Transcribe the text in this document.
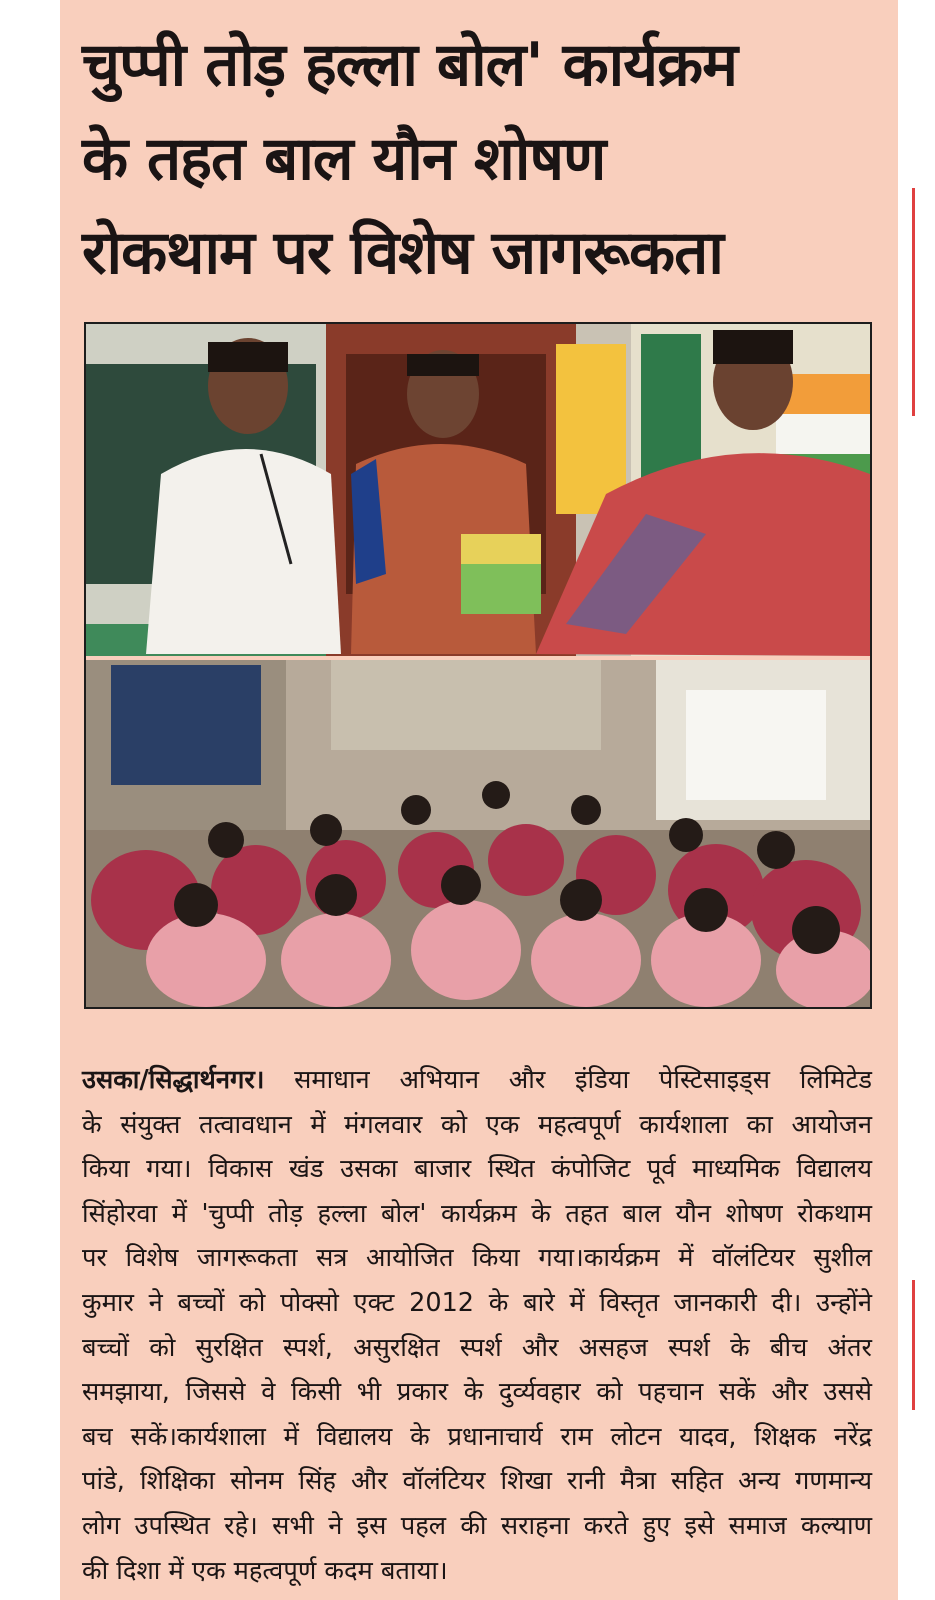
चुप्पी तोड़ हल्ला बोल' कार्यक्रम
के तहत बाल यौन शोषण
रोकथाम पर विशेष जागरूकता
उसका/सिद्धार्थनगर। समाधान अभियान और इंडिया पेस्टिसाइड्स लिमिटेड
के संयुक्त तत्वावधान में मंगलवार को एक महत्वपूर्ण कार्यशाला का आयोजन
किया गया। विकास खंड उसका बाजार स्थित कंपोजिट पूर्व माध्यमिक विद्यालय
सिंहोरवा में 'चुप्पी तोड़ हल्ला बोल' कार्यक्रम के तहत बाल यौन शोषण रोकथाम
पर विशेष जागरूकता सत्र आयोजित किया गया।कार्यक्रम में वॉलंटियर सुशील
कुमार ने बच्चों को पोक्सो एक्ट 2012 के बारे में विस्तृत जानकारी दी। उन्होंने
बच्चों को सुरक्षित स्पर्श, असुरक्षित स्पर्श और असहज स्पर्श के बीच अंतर
समझाया, जिससे वे किसी भी प्रकार के दुर्व्यवहार को पहचान सकें और उससे
बच सकें।कार्यशाला में विद्यालय के प्रधानाचार्य राम लोटन यादव, शिक्षक नरेंद्र
पांडे, शिक्षिका सोनम सिंह और वॉलंटियर शिखा रानी मैत्रा सहित अन्य गणमान्य
लोग उपस्थित रहे। सभी ने इस पहल की सराहना करते हुए इसे समाज कल्याण
की दिशा में एक महत्वपूर्ण कदम बताया।
